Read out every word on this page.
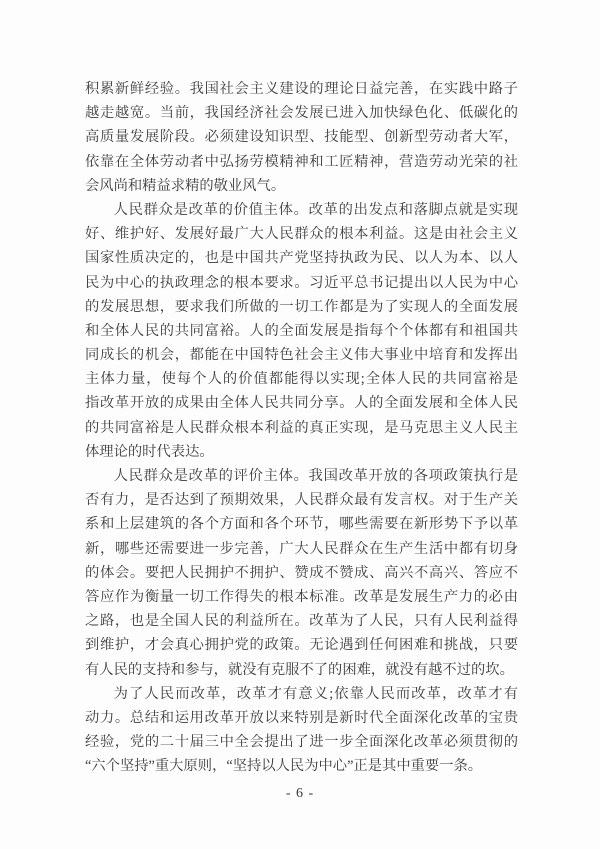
积累新鲜经验。我国社会主义建设的理论日益完善，在实践中路子
越走越宽。当前，我国经济社会发展已进入加快绿色化、低碳化的
高质量发展阶段。必须建设知识型、技能型、创新型劳动者大军，
依靠在全体劳动者中弘扬劳模精神和工匠精神，营造劳动光荣的社
会风尚和精益求精的敬业风气。
人民群众是改革的价值主体。改革的出发点和落脚点就是实现
好、维护好、发展好最广大人民群众的根本利益。这是由社会主义
国家性质决定的，也是中国共产党坚持执政为民、以人为本、以人
民为中心的执政理念的根本要求。习近平总书记提出以人民为中心
的发展思想，要求我们所做的一切工作都是为了实现人的全面发展
和全体人民的共同富裕。人的全面发展是指每个个体都有和祖国共
同成长的机会，都能在中国特色社会主义伟大事业中培育和发挥出
主体力量，使每个人的价值都能得以实现;全体人民的共同富裕是
指改革开放的成果由全体人民共同分享。人的全面发展和全体人民
的共同富裕是人民群众根本利益的真正实现，是马克思主义人民主
体理论的时代表达。
人民群众是改革的评价主体。我国改革开放的各项政策执行是
否有力，是否达到了预期效果，人民群众最有发言权。对于生产关
系和上层建筑的各个方面和各个环节，哪些需要在新形势下予以革
新，哪些还需要进一步完善，广大人民群众在生产生活中都有切身
的体会。要把人民拥护不拥护、赞成不赞成、高兴不高兴、答应不
答应作为衡量一切工作得失的根本标准。改革是发展生产力的必由
之路，也是全国人民的利益所在。改革为了人民，只有人民利益得
到维护，才会真心拥护党的政策。无论遇到任何困难和挑战，只要
有人民的支持和参与，就没有克服不了的困难，就没有越不过的坎。
为了人民而改革，改革才有意义;依靠人民而改革，改革才有
动力。总结和运用改革开放以来特别是新时代全面深化改革的宝贵
经验，党的二十届三中全会提出了进一步全面深化改革必须贯彻的
“六个坚持”重大原则，“坚持以人民为中心”正是其中重要一条。
- 6 -
